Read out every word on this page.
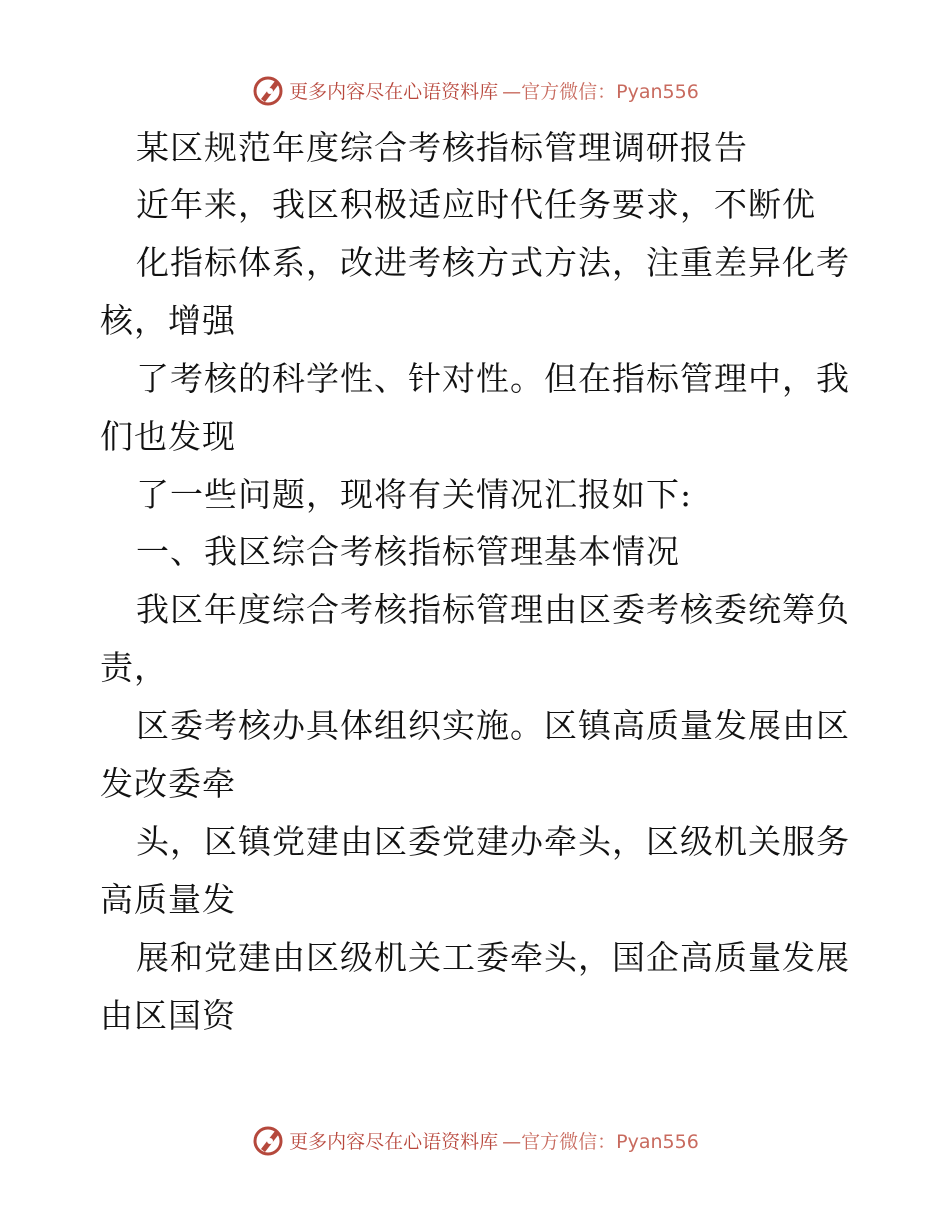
更多内容尽在心语资料库 —官方微信：Pyan556
某区规范年度综合考核指标管理调研报告
近年来，我区积极适应时代任务要求，不断优
化指标体系，改进考核方式方法，注重差异化考
核，增强
了考核的科学性、针对性。但在指标管理中，我
们也发现
了一些问题，现将有关情况汇报如下:
一、我区综合考核指标管理基本情况
我区年度综合考核指标管理由区委考核委统筹负
责，
区委考核办具体组织实施。区镇高质量发展由区
发改委牵
头，区镇党建由区委党建办牵头，区级机关服务
高质量发
展和党建由区级机关工委牵头，国企高质量发展
由区国资
更多内容尽在心语资料库 —官方微信：Pyan556
